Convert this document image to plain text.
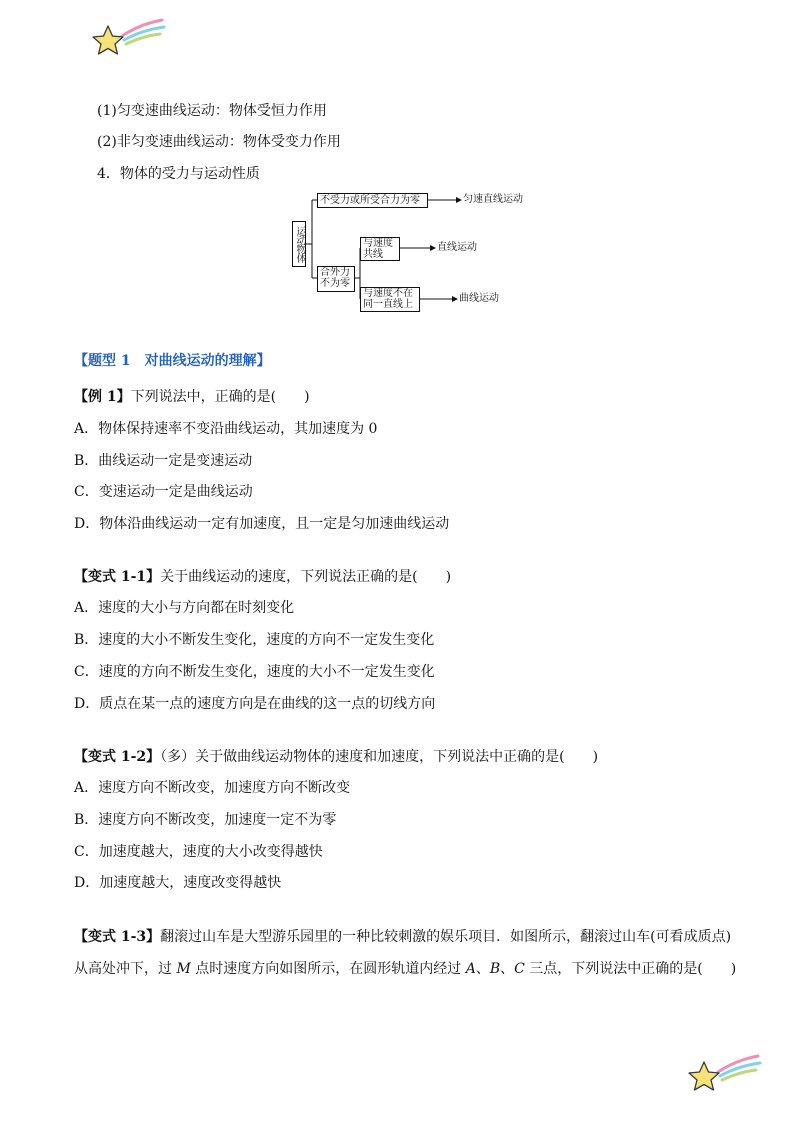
(1)匀变速曲线运动：物体受恒力作用
(2)非匀变速曲线运动：物体受变力作用
4．物体的受力与运动性质
运动物体
不受力或所受合力为零	匀速直线运动
合外力不为零
与速度共线
直线运动
与速度不在同一直线上
曲线运动
【题型 1　对曲线运动的理解】
【例 1】下列说法中，正确的是(　　)
A．物体保持速率不变沿曲线运动，其加速度为 0
B．曲线运动一定是变速运动
C．变速运动一定是曲线运动
D．物体沿曲线运动一定有加速度，且一定是匀加速曲线运动
【变式 1-1】关于曲线运动的速度，下列说法正确的是(　　)
A．速度的大小与方向都在时刻变化
B．速度的大小不断发生变化，速度的方向不一定发生变化
C．速度的方向不断发生变化，速度的大小不一定发生变化
D．质点在某一点的速度方向是在曲线的这一点的切线方向
【变式 1-2】（多）关于做曲线运动物体的速度和加速度，下列说法中正确的是(　　)
A．速度方向不断改变，加速度方向不断改变
B．速度方向不断改变，加速度一定不为零
C．加速度越大，速度的大小改变得越快
D．加速度越大，速度改变得越快
【变式 1-3】翻滚过山车是大型游乐园里的一种比较刺激的娱乐项目．如图所示，翻滚过山车(可看成质点)
从高处冲下，过 M 点时速度方向如图所示，在圆形轨道内经过 A、B、C 三点，下列说法中正确的是(　　)
